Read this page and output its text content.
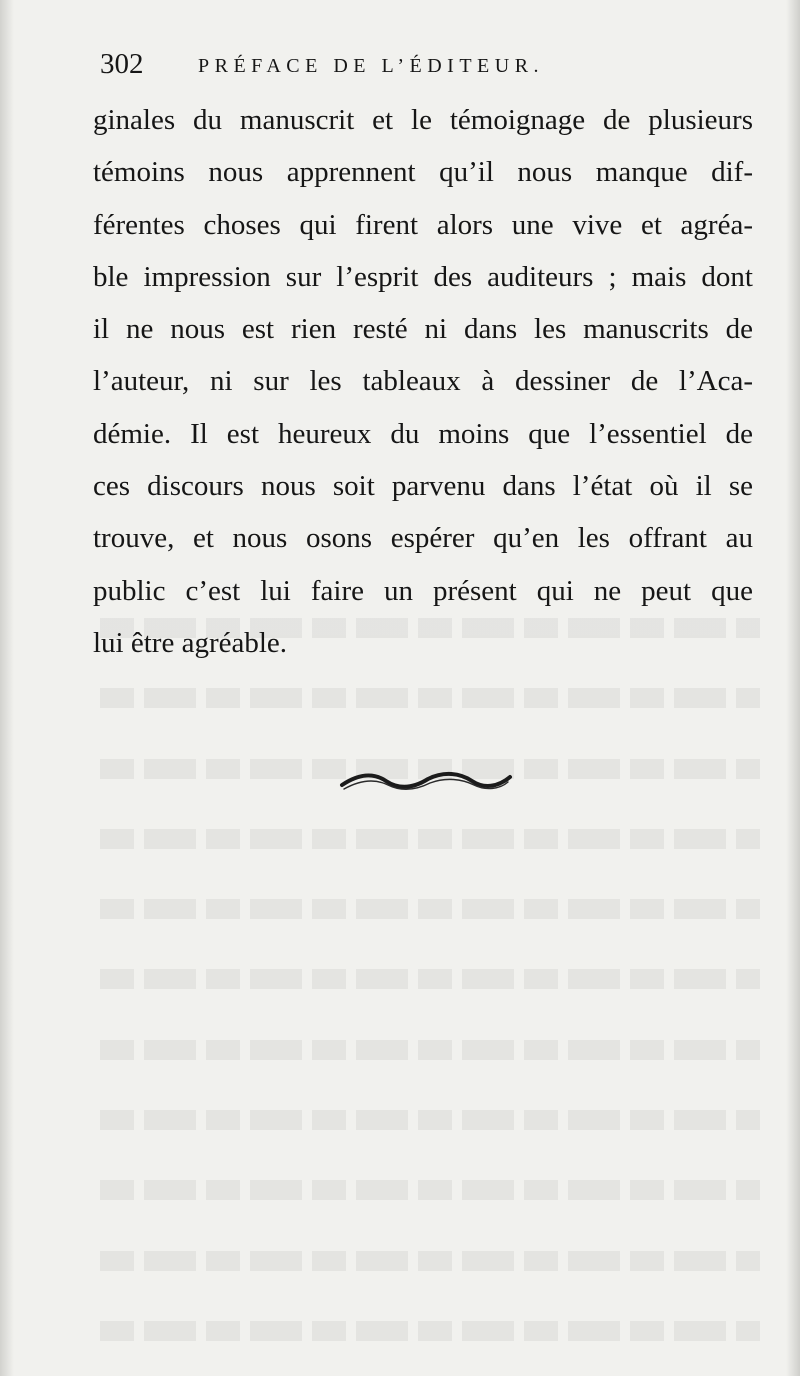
302	PRÉFACE DE L’ÉDITEUR.
ginales du manuscrit et le témoignage de plusieurs
témoins nous apprennent qu’il nous manque dif-
férentes choses qui firent alors une vive et agréa-
ble impression sur l’esprit des auditeurs ; mais dont
il ne nous est rien resté ni dans les manuscrits de
l’auteur, ni sur les tableaux à dessiner de l’Aca-
démie. Il est heureux du moins que l’essentiel de
ces discours nous soit parvenu dans l’état où il se
trouve, et nous osons espérer qu’en les offrant au
public c’est lui faire un présent qui ne peut que
lui être agréable.
